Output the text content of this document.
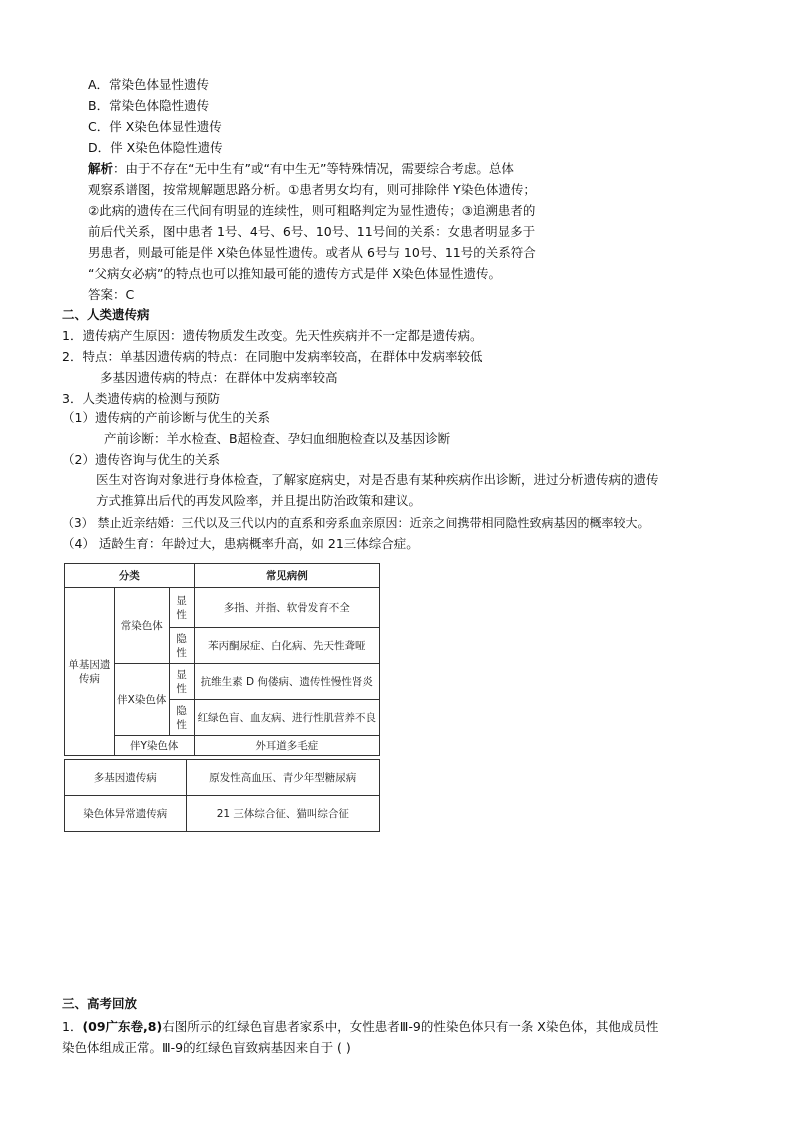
A．常染色体显性遗传
B．常染色体隐性遗传
C．伴 X染色体显性遗传
D．伴 X染色体隐性遗传
解析：由于不存在“无中生有”或“有中生无”等特殊情况，需要综合考虑。总体
观察系谱图，按常规解题思路分析。①患者男女均有，则可排除伴 Y染色体遗传；
②此病的遗传在三代间有明显的连续性，则可粗略判定为显性遗传；③追溯患者的
前后代关系，图中患者 1号、4号、6号、10号、11号间的关系：女患者明显多于
男患者，则最可能是伴 X染色体显性遗传。或者从 6号与 10号、11号的关系符合
“父病女必病”的特点也可以推知最可能的遗传方式是伴 X染色体显性遗传。
答案：C
二、人类遗传病
1．遗传病产生原因：遗传物质发生改变。先天性疾病并不一定都是遗传病。
2．特点：单基因遗传病的特点：在同胞中发病率较高，在群体中发病率较低
多基因遗传病的特点：在群体中发病率较高
3．人类遗传病的检测与预防
（1）遗传病的产前诊断与优生的关系
产前诊断：羊水检查、B超检查、孕妇血细胞检查以及基因诊断
（2）遗传咨询与优生的关系
医生对咨询对象进行身体检查，了解家庭病史，对是否患有某种疾病作出诊断，进过分析遗传病的遗传
方式推算出后代的再发风险率，并且提出防治政策和建议。
（3） 禁止近亲结婚：三代以及三代以内的直系和旁系血亲原因：近亲之间携带相同隐性致病基因的概率较大。
（4） 适龄生育：年龄过大，患病概率升高，如 21三体综合症。
分类			常见病例
单基因遗传病	常染色体	显性	多指、并指、软骨发育不全
		隐性	苯丙酮尿症、白化病、先天性聋哑
	伴X染色体	显性	抗维生素 D 佝偻病、遗传性慢性肾炎
		隐性	红绿色盲、血友病、进行性肌营养不良
	伴Y染色体		外耳道多毛症
多基因遗传病	原发性高血压、青少年型糖尿病
染色体异常遗传病	21 三体综合征、猫叫综合征
三、高考回放
1．(09广东卷,8)右图所示的红绿色盲患者家系中，女性患者Ⅲ-9的性染色体只有一条 X染色体，其他成员性
染色体组成正常。Ⅲ-9的红绿色盲致病基因来自于 ( )
